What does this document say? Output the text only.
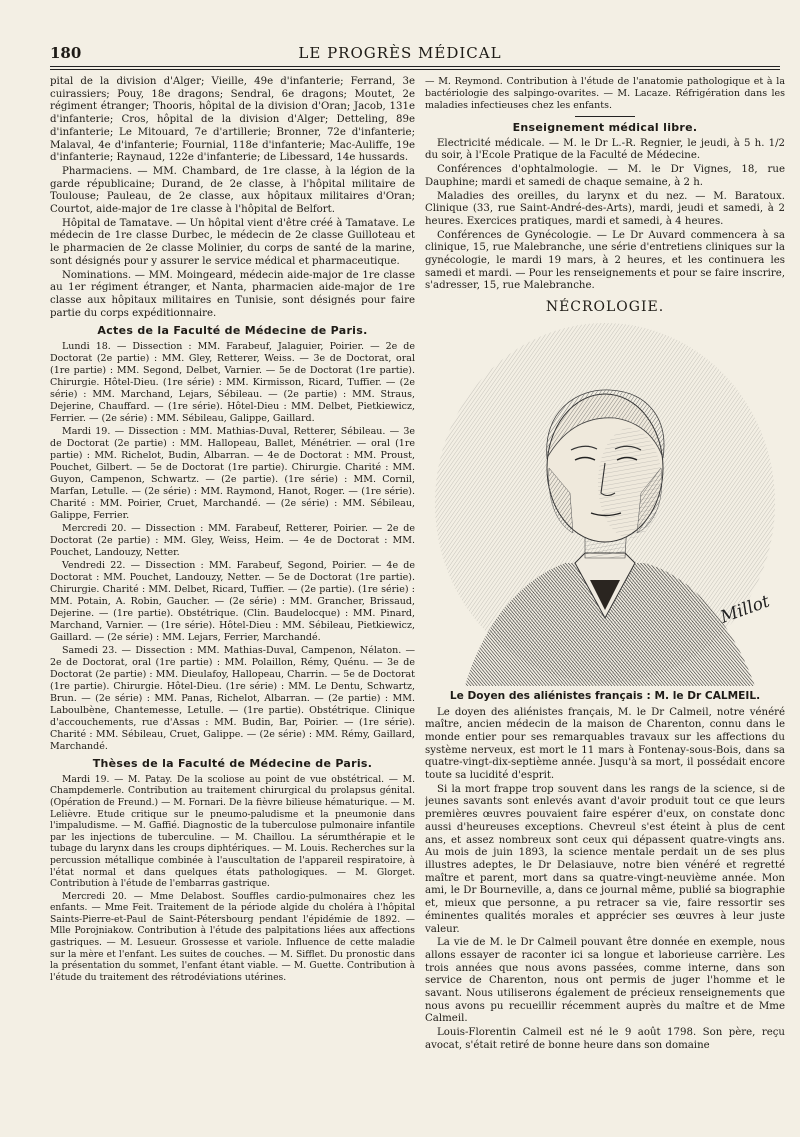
180	LE PROGRÈS MÉDICAL

pital de la division d'Alger; Vieille, 49e d'infanterie; Ferrand, 3e cuirassiers; Pouy, 18e dragons; Sendral, 6e dragons; Moutet, 2e régiment étranger; Thooris, hôpital de la division d'Oran; Jacob, 131e d'infanterie; Cros, hôpital de la division d'Alger; Detteling, 89e d'infanterie; Le Mitouard, 7e d'artillerie; Bronner, 72e d'infanterie; Malaval, 4e d'infanterie; Fournial, 118e d'infanterie; Mac-Auliffe, 19e d'infanterie; Raynaud, 122e d'infanterie; de Libessard, 14e hussards.

Pharmaciens. — MM. Chambard, de 1re classe, à la légion de la garde républicaine; Durand, de 2e classe, à l'hôpital militaire de Toulouse; Pauleau, de 2e classe, aux hôpitaux militaires d'Oran; Courtot, aide-major de 1re classe à l'hôpital de Belfort.

Hôpital de Tamatave. — Un hôpital vient d'être créé à Tamatave. Le médecin de 1re classe Durbec, le médecin de 2e classe Guilloteau et le pharmacien de 2e classe Molinier, du corps de santé de la marine, sont désignés pour y assurer le service médical et pharmaceutique.

Nominations. — MM. Moingeard, médecin aide-major de 1re classe au 1er régiment étranger, et Nanta, pharmacien aide-major de 1re classe aux hôpitaux militaires en Tunisie, sont désignés pour faire partie du corps expéditionnaire.

Actes de la Faculté de Médecine de Paris.

Lundi 18. — Dissection : MM. Farabeuf, Jalaguier, Poirier. — 2e de Doctorat (2e partie) : MM. Gley, Retterer, Weiss. — 3e de Doctorat, oral (1re partie) : MM. Segond, Delbet, Varnier. — 5e de Doctorat (1re partie). Chirurgie. Hôtel-Dieu. (1re série) : MM. Kirmisson, Ricard, Tuffier. — (2e série) : MM. Marchand, Lejars, Sébileau. — (2e partie) : MM. Straus, Dejerine, Chauffard. — (1re série). Hôtel-Dieu : MM. Delbet, Pietkiewicz, Ferrier. — (2e série) : MM. Sébileau, Galippe, Gaillard.

Mardi 19. — Dissection : MM. Mathias-Duval, Retterer, Sébileau. — 3e de Doctorat (2e partie) : MM. Hallopeau, Ballet, Ménétrier. — oral (1re partie) : MM. Richelot, Budin, Albarran. — 4e de Doctorat : MM. Proust, Pouchet, Gilbert. — 5e de Doctorat (1re partie). Chirurgie. Charité : MM. Guyon, Campenon, Schwartz. — (2e partie). (1re série) : MM. Cornil, Marfan, Letulle. — (2e série) : MM. Raymond, Hanot, Roger. — (1re série). Charité : MM. Poirier, Cruet, Marchandé. — (2e série) : MM. Sébileau, Galippe, Ferrier.

Mercredi 20. — Dissection : MM. Farabeuf, Retterer, Poirier. — 2e de Doctorat (2e partie) : MM. Gley, Weiss, Heim. — 4e de Doctorat : MM. Pouchet, Landouzy, Netter.

Vendredi 22. — Dissection : MM. Farabeuf, Segond, Poirier. — 4e de Doctorat : MM. Pouchet, Landouzy, Netter. — 5e de Doctorat (1re partie). Chirurgie. Charité : MM. Delbet, Ricard, Tuffier. — (2e partie). (1re série) : MM. Potain, A. Robin, Gaucher. — (2e série) : MM. Grancher, Brissaud, Dejerine. — (1re partie). Obstétrique. (Clin. Baudelocque) : MM. Pinard, Marchand, Varnier. — (1re série). Hôtel-Dieu : MM. Sébileau, Pietkiewicz, Gaillard. — (2e série) : MM. Lejars, Ferrier, Marchandé.

Samedi 23. — Dissection : MM. Mathias-Duval, Campenon, Nélaton. — 2e de Doctorat, oral (1re partie) : MM. Polaillon, Rémy, Quénu. — 3e de Doctorat (2e partie) : MM. Dieulafoy, Hallopeau, Charrin. — 5e de Doctorat (1re partie). Chirurgie. Hôtel-Dieu. (1re série) : MM. Le Dentu, Schwartz, Brun. — (2e série) : MM. Panas, Richelot, Albarran. — (2e partie) : MM. Laboulbène, Chantemesse, Letulle. — (1re partie). Obstétrique. Clinique d'accouchements, rue d'Assas : MM. Budin, Bar, Poirier. — (1re série). Charité : MM. Sébileau, Cruet, Galippe. — (2e série) : MM. Rémy, Gaillard, Marchandé.

Thèses de la Faculté de Médecine de Paris.

Mardi 19. — M. Patay. De la scoliose au point de vue obstétrical. — M. Champdemerle. Contribution au traitement chirurgical du prolapsus génital. (Opération de Freund.) — M. Fornari. De la fièvre bilieuse hématurique. — M. Lelièvre. Etude critique sur le pneumo-paludisme et la pneumonie dans l'impaludisme. — M. Gaffié. Diagnostic de la tuberculose pulmonaire infantile par les injections de tuberculine. — M. Chaillou. La sérumthérapie et le tubage du larynx dans les croups diphtériques. — M. Louis. Recherches sur la percussion métallique combinée à l'auscultation de l'appareil respiratoire, à l'état normal et dans quelques états pathologiques. — M. Glorget. Contribution à l'étude de l'embarras gastrique.

Mercredi 20. — Mme Delabost. Souffles cardio-pulmonaires chez les enfants. — Mme Feit. Traitement de la période algide du choléra à l'hôpital Saints-Pierre-et-Paul de Saint-Pétersbourg pendant l'épidémie de 1892. — Mlle Porojniakow. Contribution à l'étude des palpitations liées aux affections gastriques. — M. Lesueur. Grossesse et variole. Influence de cette maladie sur la mère et l'enfant. Les suites de couches. — M. Sifflet. Du pronostic dans la présentation du sommet, l'enfant étant viable. — M. Guette. Contribution à l'étude du traitement des rétrodéviations utérines.

— M. Reymond. Contribution à l'étude de l'anatomie pathologique et à la bactériologie des salpingo-ovarites. — M. Lacaze. Réfrigération dans les maladies infectieuses chez les enfants.

Enseignement médical libre.

Electricité médicale. — M. le Dr L.-R. Regnier, le jeudi, à 5 h. 1/2 du soir, à l'Ecole Pratique de la Faculté de Médecine.

Conférences d'ophtalmologie. — M. le Dr Vignes, 18, rue Dauphine; mardi et samedi de chaque semaine, à 2 h.

Maladies des oreilles, du larynx et du nez. — M. Baratoux. Clinique (33, rue Saint-André-des-Arts), mardi, jeudi et samedi, à 2 heures. Exercices pratiques, mardi et samedi, à 4 heures.

Conférences de Gynécologie. — Le Dr Auvard commencera à sa clinique, 15, rue Malebranche, une série d'entretiens cliniques sur la gynécologie, le mardi 19 mars, à 2 heures, et les continuera les samedi et mardi. — Pour les renseignements et pour se faire inscrire, s'adresser, 15, rue Malebranche.

NÉCROLOGIE.
Millot
Le Doyen des aliénistes français : M. le Dr CALMEIL.

Le doyen des aliénistes français, M. le Dr Calmeil, notre vénéré maître, ancien médecin de la maison de Charenton, connu dans le monde entier pour ses remarquables travaux sur les affections du système nerveux, est mort le 11 mars à Fontenay-sous-Bois, dans sa quatre-vingt-dix-septième année. Jusqu'à sa mort, il possédait encore toute sa lucidité d'esprit.

Si la mort frappe trop souvent dans les rangs de la science, si de jeunes savants sont enlevés avant d'avoir produit tout ce que leurs premières œuvres pouvaient faire espérer d'eux, on constate donc aussi d'heureuses exceptions. Chevreul s'est éteint à plus de cent ans, et assez nombreux sont ceux qui dépassent quatre-vingts ans. Au mois de juin 1893, la science mentale perdait un de ses plus illustres adeptes, le Dr Delasiauve, notre bien vénéré et regretté maître et parent, mort dans sa quatre-vingt-neuvième année. Mon ami, le Dr Bourneville, a, dans ce journal même, publié sa biographie et, mieux que personne, a pu retracer sa vie, faire ressortir ses éminentes qualités morales et apprécier ses œuvres à leur juste valeur.

La vie de M. le Dr Calmeil pouvant être donnée en exemple, nous allons essayer de raconter ici sa longue et laborieuse carrière. Les trois années que nous avons passées, comme interne, dans son service de Charenton, nous ont permis de juger l'homme et le savant. Nous utiliserons également de précieux renseignements que nous avons pu recueillir récemment auprès du maître et de Mme Calmeil.

Louis-Florentin Calmeil est né le 9 août 1798. Son père, reçu avocat, s'était retiré de bonne heure dans son domaine
